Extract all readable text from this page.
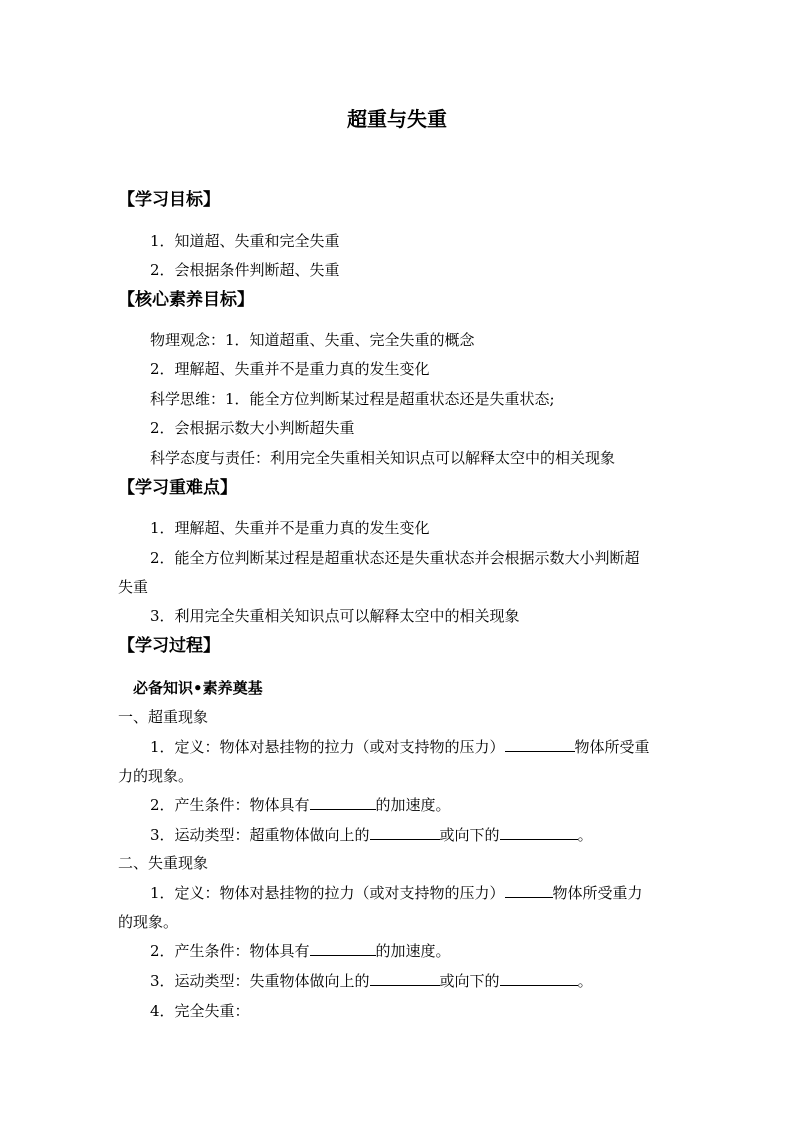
超重与失重
【学习目标】
1．知道超、失重和完全失重
2．会根据条件判断超、失重
【核心素养目标】
物理观念：1．知道超重、失重、完全失重的概念
2．理解超、失重并不是重力真的发生变化
科学思维：1．能全方位判断某过程是超重状态还是失重状态;
2．会根据示数大小判断超失重
科学态度与责任：利用完全失重相关知识点可以解释太空中的相关现象
【学习重难点】
1．理解超、失重并不是重力真的发生变化
2．能全方位判断某过程是超重状态还是失重状态并会根据示数大小判断超
失重
3．利用完全失重相关知识点可以解释太空中的相关现象
【学习过程】
必备知识•素养奠基
一、超重现象
1．定义：物体对悬挂物的拉力（或对支持物的压力）	物体所受重
力的现象。
2．产生条件：物体具有	的加速度。
3．运动类型：超重物体做向上的	或向下的	。
二、失重现象
1．定义：物体对悬挂物的拉力（或对支持物的压力）	物体所受重力
的现象。
2．产生条件：物体具有	的加速度。
3．运动类型：失重物体做向上的	或向下的	。
4．完全失重：
